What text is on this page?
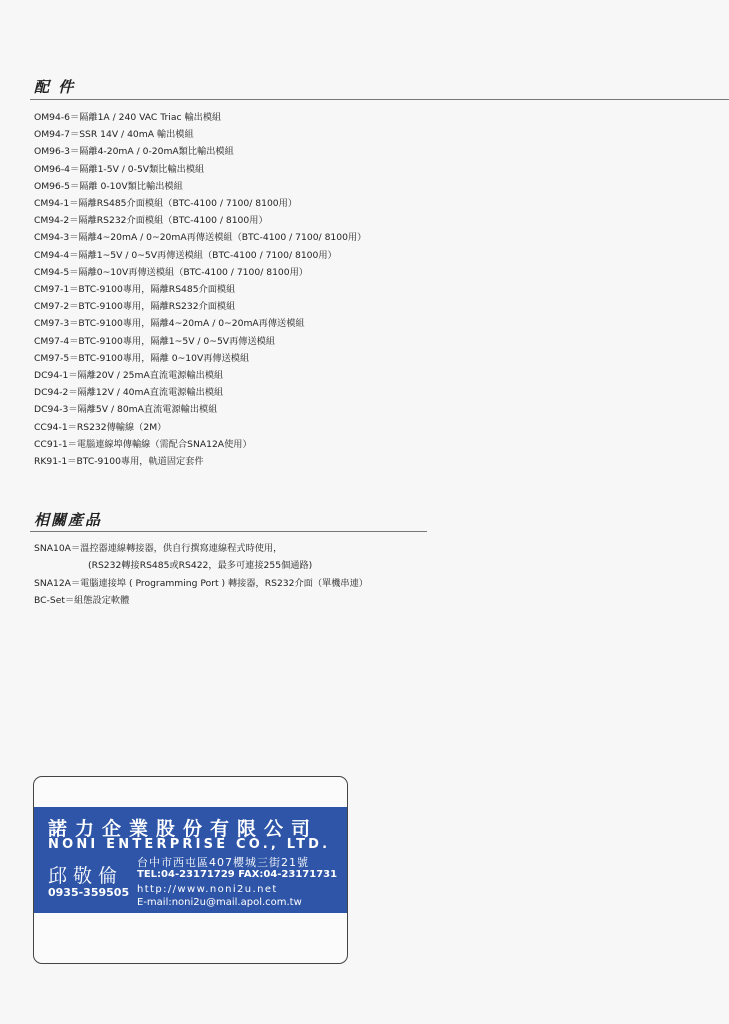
配 件
OM94-6＝隔離1A / 240 VAC Triac 輸出模組
OM94-7＝SSR 14V / 40mA 輸出模組
OM96-3＝隔離4-20mA / 0-20mA類比輸出模組
OM96-4＝隔離1-5V / 0-5V類比輸出模組
OM96-5＝隔離 0-10V類比輸出模組
CM94-1＝隔離RS485介面模組（BTC-4100 / 7100/ 8100用）
CM94-2＝隔離RS232介面模組（BTC-4100 / 8100用）
CM94-3＝隔離4~20mA / 0~20mA再傳送模組（BTC-4100 / 7100/ 8100用）
CM94-4＝隔離1~5V / 0~5V再傳送模組（BTC-4100 / 7100/ 8100用）
CM94-5＝隔離0~10V再傳送模組（BTC-4100 / 7100/ 8100用）
CM97-1＝BTC-9100專用，隔離RS485介面模組
CM97-2＝BTC-9100專用，隔離RS232介面模組
CM97-3＝BTC-9100專用，隔離4~20mA / 0~20mA再傳送模組
CM97-4＝BTC-9100專用，隔離1~5V / 0~5V再傳送模組
CM97-5＝BTC-9100專用，隔離 0~10V再傳送模組
DC94-1＝隔離20V / 25mA直流電源輸出模組
DC94-2＝隔離12V / 40mA直流電源輸出模組
DC94-3＝隔離5V / 80mA直流電源輸出模組
CC94-1＝RS232傳輸線（2M）
CC91-1＝電腦連線埠傳輸線（需配合SNA12A使用）
RK91-1＝BTC-9100專用，軌道固定套件
相關產品
SNA10A＝溫控器連線轉接器，供自行撰寫連線程式時使用，
(RS232轉接RS485或RS422，最多可連接255個通路)
SNA12A＝電腦連接埠 ( Programming Port ) 轉接器，RS232介面（單機串連）
BC-Set＝組態設定軟體
諾力企業股份有限公司
NONI ENTERPRISE CO., LTD.
邱敬倫
0935-359505
台中市西屯區407櫻城三街21號
TEL:04-23171729 FAX:04-23171731
http://www.noni2u.net
E-mail:noni2u@mail.apol.com.tw
